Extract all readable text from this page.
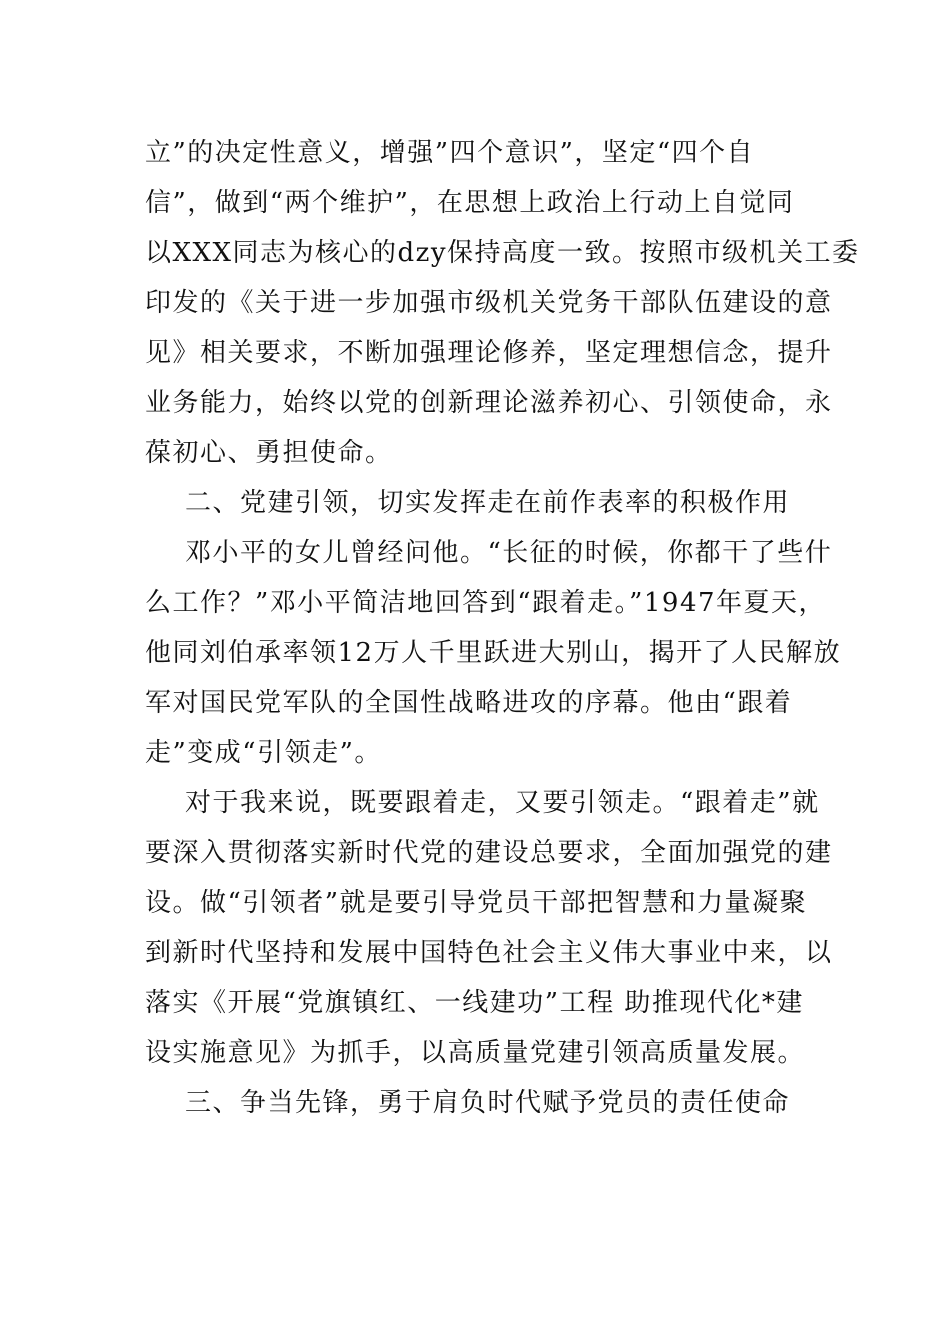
立”的决定性意义，增强”四个意识”，坚定“四个自
信”，做到“两个维护”，在思想上政治上行动上自觉同
以XXX同志为核心的dzy保持高度一致。按照市级机关工委
印发的《关于进一步加强市级机关党务干部队伍建设的意
见》相关要求，不断加强理论修养，坚定理想信念，提升
业务能力，始终以党的创新理论滋养初心、引领使命，永
葆初心、勇担使命。
二、党建引领，切实发挥走在前作表率的积极作用
邓小平的女儿曾经问他。“长征的时候，你都干了些什
么工作？”邓小平简洁地回答到“跟着走。”1947年夏天，
他同刘伯承率领12万人千里跃进大别山，揭开了人民解放
军对国民党军队的全国性战略进攻的序幕。他由“跟着
走”变成“引领走”。
对于我来说，既要跟着走，又要引领走。“跟着走”就
要深入贯彻落实新时代党的建设总要求，全面加强党的建
设。做“引领者”就是要引导党员干部把智慧和力量凝聚
到新时代坚持和发展中国特色社会主义伟大事业中来，以
落实《开展“党旗镇红、一线建功”工程 助推现代化*建
设实施意见》为抓手，以高质量党建引领高质量发展。
三、争当先锋，勇于肩负时代赋予党员的责任使命
